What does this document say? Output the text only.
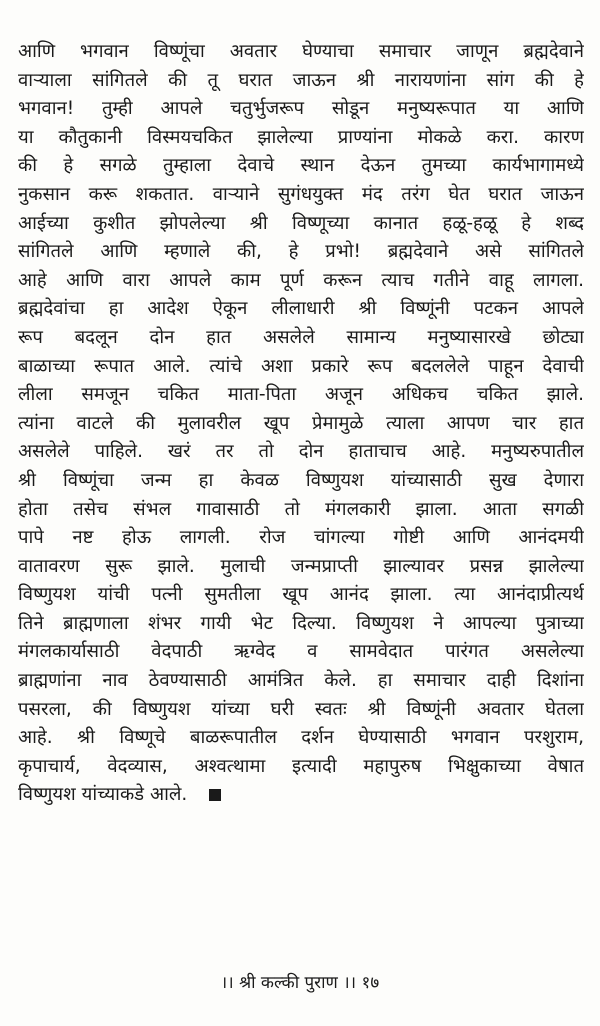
आणि भगवान विष्णूंचा अवतार घेण्याचा समाचार जाणून ब्रह्मदेवाने
वाऱ्याला सांगितले की तू घरात जाऊन श्री नारायणांना सांग की हे
भगवान! तुम्ही आपले चतुर्भुजरूप सोडून मनुष्यरूपात या आणि
या कौतुकानी विस्मयचकित झालेल्या प्राण्यांना मोकळे करा. कारण
की हे सगळे तुम्हाला देवाचे स्थान देऊन तुमच्या कार्यभागामध्ये
नुकसान करू शकतात. वाऱ्याने सुगंधयुक्त मंद तरंग घेत घरात जाऊन
आईच्या कुशीत झोपलेल्या श्री विष्णूच्या कानात हळू-हळू हे शब्द
सांगितले आणि म्हणाले की, हे प्रभो! ब्रह्मदेवाने असे सांगितले
आहे आणि वारा आपले काम पूर्ण करून त्याच गतीने वाहू लागला.
ब्रह्मदेवांचा हा आदेश ऐकून लीलाधारी श्री विष्णूंनी पटकन आपले
रूप बदलून दोन हात असलेले सामान्य मनुष्यासारखे छोट्या
बाळाच्या रूपात आले. त्यांचे अशा प्रकारे रूप बदललेले पाहून देवाची
लीला समजून चकित माता-पिता अजून अधिकच चकित झाले.
त्यांना वाटले की मुलावरील खूप प्रेमामुळे त्याला आपण चार हात
असलेले पाहिले. खरं तर तो दोन हाताचाच आहे. मनुष्यरुपातील
श्री विष्णूंचा जन्म हा केवळ विष्णुयश यांच्यासाठी सुख देणारा
होता तसेच संभल गावासाठी तो मंगलकारी झाला. आता सगळी
पापे नष्ट होऊ लागली. रोज चांगल्या गोष्टी आणि आनंदमयी
वातावरण सुरू झाले. मुलाची जन्मप्राप्ती झाल्यावर प्रसन्न झालेल्या
विष्णुयश यांची पत्नी सुमतीला खूप आनंद झाला. त्या आनंदाप्रीत्यर्थ
तिने ब्राह्मणाला शंभर गायी भेट दिल्या. विष्णुयश ने आपल्या पुत्राच्या
मंगलकार्यासाठी वेदपाठी ऋग्वेद व सामवेदात पारंगत असलेल्या
ब्राह्मणांना नाव ठेवण्यासाठी आमंत्रित केले. हा समाचार दाही दिशांना
पसरला, की विष्णुयश यांच्या घरी स्वतः श्री विष्णूंनी अवतार घेतला
आहे. श्री विष्णूचे बाळरूपातील दर्शन घेण्यासाठी भगवान परशुराम,
कृपाचार्य, वेदव्यास, अश्वत्थामा इत्यादी महापुरुष भिक्षुकाच्या वेषात
विष्णुयश यांच्याकडे आले.
।। श्री कल्की पुराण ।। १७
